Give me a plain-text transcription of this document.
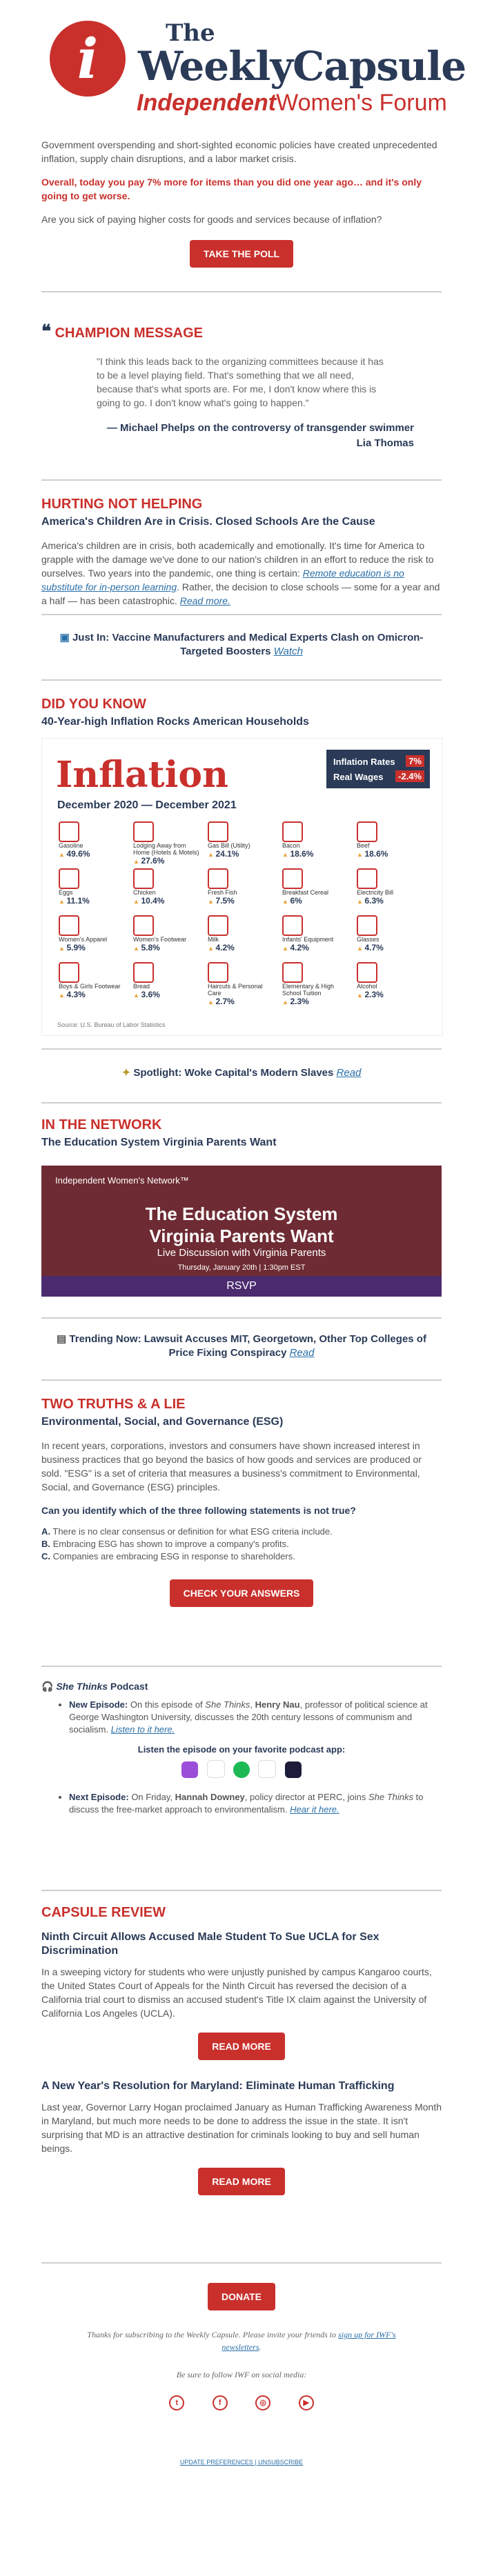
i	The
WeeklyCapsule
IndependentWomen's Forum

Government overspending and short-sighted economic policies have created unprecedented inflation, supply chain disruptions, and a labor market crisis.

Overall, today you pay 7% more for items than you did one year ago… and it's only going to get worse.

Are you sick of paying higher costs for goods and services because of inflation?

TAKE THE POLL
❝ CHAMPION MESSAGE

"I think this leads back to the organizing committees because it has to be a level playing field. That's something that we all need, because that's what sports are. For me, I don't know where this is going to go. I don't know what's going to happen."

— Michael Phelps on the controversy of transgender swimmer
Lia Thomas
HURTING NOT HELPING
America's Children Are in Crisis. Closed Schools Are the Cause

America's children are in crisis, both academically and emotionally. It's time for America to grapple with the damage we've done to our nation's children in an effort to reduce the risk to ourselves. Two years into the pandemic, one thing is certain: Remote education is no substitute for in-person learning. Rather, the decision to close schools — some for a year and a half — has been catastrophic. Read more.

▣ Just In: Vaccine Manufacturers and Medical Experts Clash on Omicron-Targeted Boosters Watch
DID YOU KNOW
40-Year-high Inflation Rocks American Households
Inflation
December 2020 — December 2021
Inflation Rates	7%
Real Wages	-2.4%
Gasoline
▲ 49.6%
Lodging Away from Home (Hotels & Motels)
▲ 27.6%
Gas Bill (Utility)
▲ 24.1%
Bacon
▲ 18.6%
Beef
▲ 18.6%
Eggs
▲ 11.1%
Chicken
▲ 10.4%
Fresh Fish
▲ 7.5%
Breakfast Cereal
▲ 6%
Electricity Bill
▲ 6.3%
Women's Apparel
▲ 5.9%
Women's Footwear
▲ 5.8%
Milk
▲ 4.2%
Infants' Equipment
▲ 4.2%
Glasses
▲ 4.7%
Boys & Girls Footwear
▲ 4.3%
Bread
▲ 3.6%
Haircuts & Personal Care
▲ 2.7%
Elementary & High School Tuition
▲ 2.3%
Alcohol
▲ 2.3%
Source: U.S. Bureau of Labor Statistics
✦ Spotlight: Woke Capital's Modern Slaves Read
IN THE NETWORK
The Education System Virginia Parents Want
Independent Women's Network™
The Education System
Virginia Parents Want
Live Discussion with Virginia Parents
Thursday, January 20th | 1:30pm EST
RSVP
▤ Trending Now: Lawsuit Accuses MIT, Georgetown, Other Top Colleges of Price Fixing Conspiracy Read
TWO TRUTHS & A LIE
Environmental, Social, and Governance (ESG)

In recent years, corporations, investors and consumers have shown increased interest in business practices that go beyond the basics of how goods and services are produced or sold. "ESG" is a set of criteria that measures a business's commitment to Environmental, Social, and Governance (ESG) principles.

Can you identify which of the three following statements is not true?

A. There is no clear consensus or definition for what ESG criteria include.
B. Embracing ESG has shown to improve a company's profits.
C. Companies are embracing ESG in response to shareholders.
CHECK YOUR ANSWERS
🎧 She Thinks Podcast
• New Episode: On this episode of She Thinks, Henry Nau, professor of political science at George Washington University, discusses the 20th century lessons of communism and socialism. Listen to it here.
Listen the episode on your favorite podcast app:

• Next Episode: On Friday, Hannah Downey, policy director at PERC, joins She Thinks to discuss the free-market approach to environmentalism. Hear it here.
CAPSULE REVIEW
Ninth Circuit Allows Accused Male Student To Sue UCLA for Sex Discrimination

In a sweeping victory for students who were unjustly punished by campus Kangaroo courts, the United States Court of Appeals for the Ninth Circuit has reversed the decision of a California trial court to dismiss an accused student's Title IX claim against the University of California Los Angeles (UCLA).

READ MORE
A New Year's Resolution for Maryland: Eliminate Human Trafficking

Last year, Governor Larry Hogan proclaimed January as Human Trafficking Awareness Month in Maryland, but much more needs to be done to address the issue in the state. It isn't surprising that MD is an attractive destination for criminals looking to buy and sell human beings.

READ MORE
DONATE
Thanks for subscribing to the Weekly Capsule. Please invite your friends to sign up for IWF's newsletters.
Be sure to follow IWF on social media:
t	f	◎	▶
UPDATE PREFERENCES | UNSUBSCRIBE
